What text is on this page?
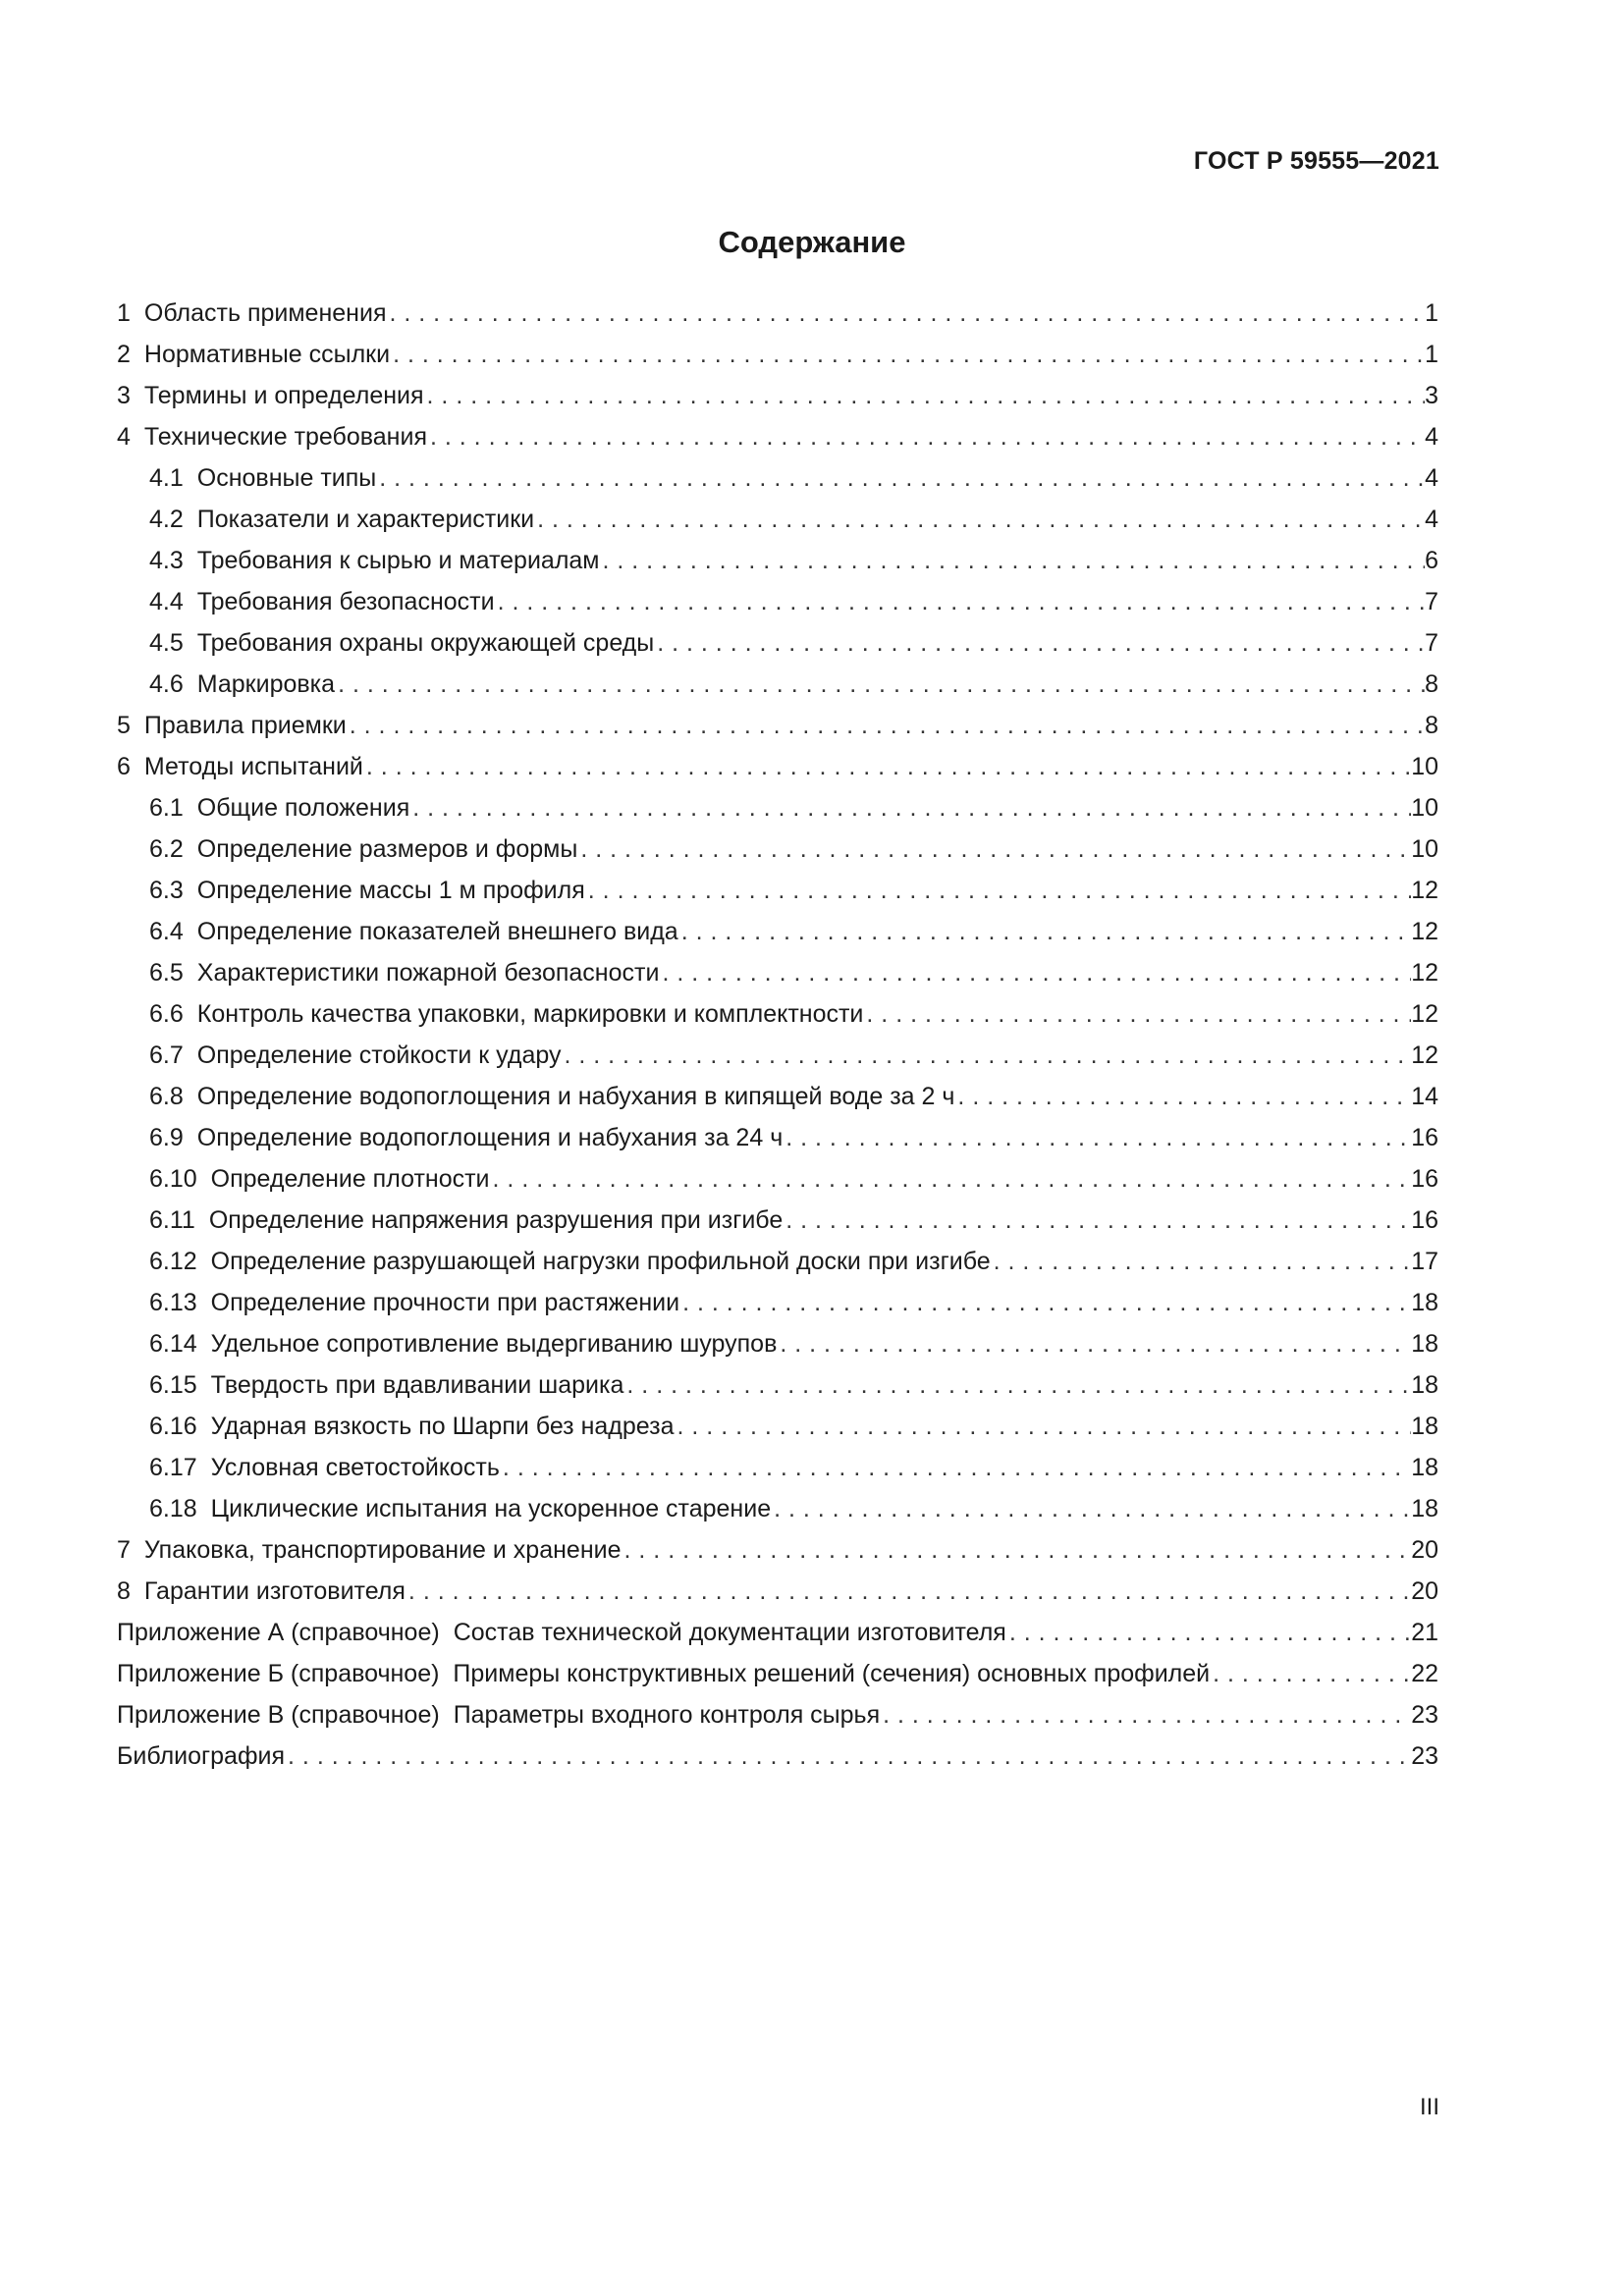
ГОСТ Р 59555—2021
Содержание
1 Область применения . . .	1
2 Нормативные ссылки . . .	1
3 Термины и определения . . .	3
4 Технические требования . . .	4
4.1 Основные типы . . .	4
4.2 Показатели и характеристики . . .	4
4.3 Требования к сырью и материалам . . .	6
4.4 Требования безопасности . . .	7
4.5 Требования охраны окружающей среды . . .	7
4.6 Маркировка . . .	8
5 Правила приемки . . .	8
6 Методы испытаний . . .	10
6.1 Общие положения . . .	10
6.2 Определение размеров и формы . . .	10
6.3 Определение массы 1 м профиля . . .	12
6.4 Определение показателей внешнего вида . . .	12
6.5 Характеристики пожарной безопасности . . .	12
6.6 Контроль качества упаковки, маркировки и комплектности . . .	12
6.7 Определение стойкости к удару . . .	12
6.8 Определение водопоглощения и набухания в кипящей воде за 2 ч . . .	14
6.9 Определение водопоглощения и набухания за 24 ч . . .	16
6.10 Определение плотности . . .	16
6.11 Определение напряжения разрушения при изгибе . . .	16
6.12 Определение разрушающей нагрузки профильной доски при изгибе . . .	17
6.13 Определение прочности при растяжении . . .	18
6.14 Удельное сопротивление выдергиванию шурупов . . .	18
6.15 Твердость при вдавливании шарика . . .	18
6.16 Ударная вязкость по Шарпи без надреза . . .	18
6.17 Условная светостойкость . . .	18
6.18 Циклические испытания на ускоренное старение . . .	18
7 Упаковка, транспортирование и хранение . . .	20
8 Гарантии изготовителя . . .	20
Приложение А (справочное) Состав технической документации изготовителя . . .	21
Приложение Б (справочное) Примеры конструктивных решений (сечения) основных профилей . . .	22
Приложение В (справочное) Параметры входного контроля сырья . . .	23
Библиография . . .	23
III
